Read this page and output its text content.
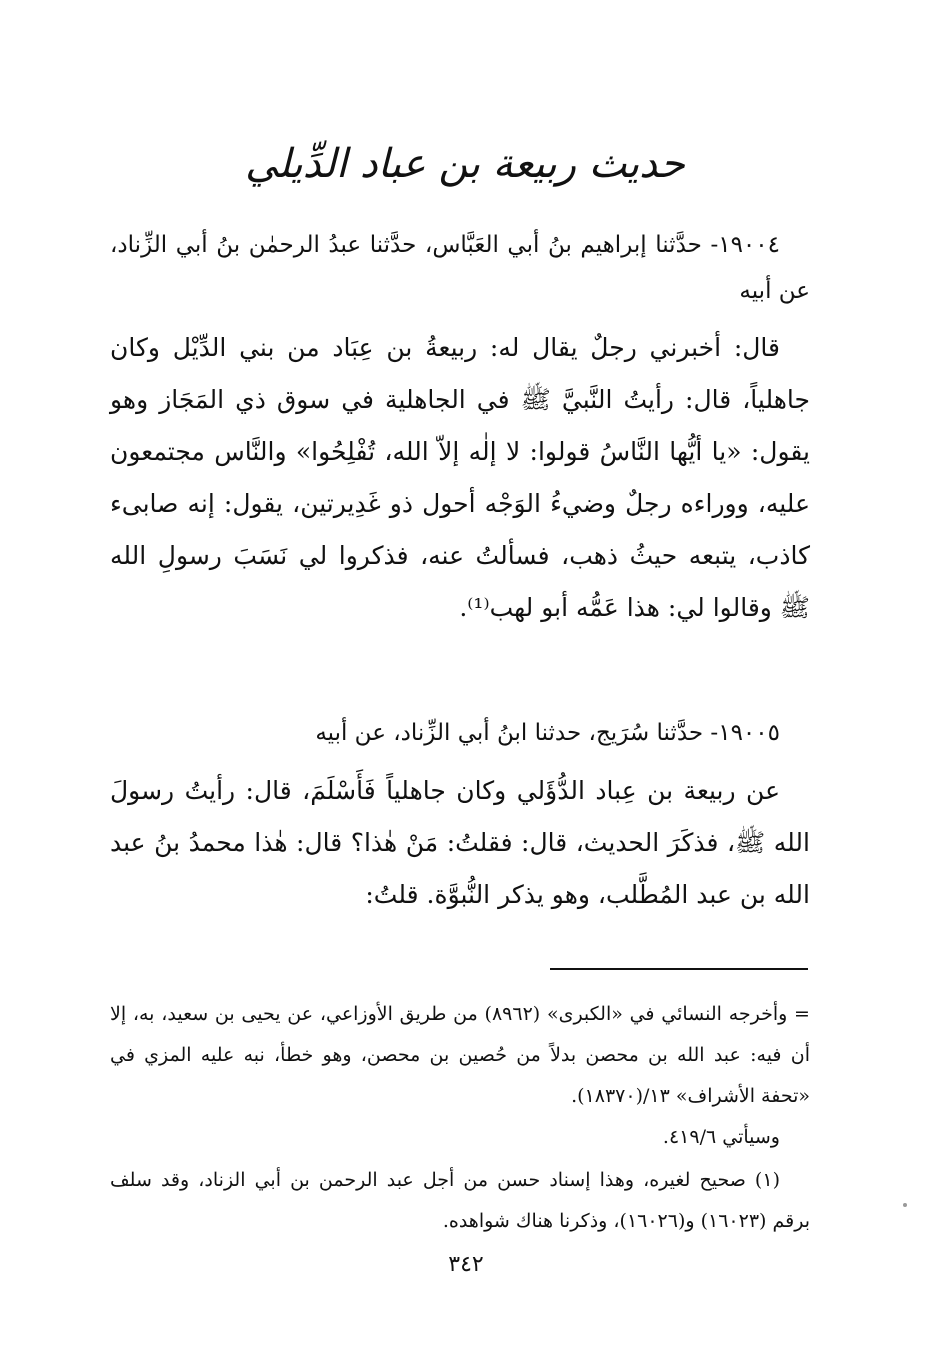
حديث ربيعة بن عباد الدِّيلي
١٩٠٠٤- حدَّثنا إبراهيم بنُ أبي العَبَّاس، حدَّثنا عبدُ الرحمٰن بنُ أبي الزِّناد، عن أبيه
قال: أخبرني رجلٌ يقال له: ربيعةُ بن عِبَاد من بني الدِّيْل وكان جاهلياً، قال: رأيتُ النَّبيَّ ﷺ في الجاهلية في سوق ذي المَجَاز وهو يقول: «يا أيُّها النَّاسُ قولوا: لا إلٰه إلاّ الله، تُفْلِحُوا» والنَّاس مجتمعون عليه، ووراءه رجلٌ وضيءُ الوَجْه أحول ذو غَدِيرتين، يقول: إنه صابىء كاذب، يتبعه حيثُ ذهب، فسألتُ عنه، فذكروا لي نَسَبَ رسولِ الله ﷺ وقالوا لي: هذا عَمُّه أبو لهب⁽¹⁾.
١٩٠٠٥- حدَّثنا سُرَيج، حدثنا ابنُ أبي الزِّناد، عن أبيه
عن ربيعة بن عِباد الدُّؤَلي وكان جاهلياً فَأَسْلَمَ، قال: رأيتُ رسولَ الله ﷺ، فذكَرَ الحديث، قال: فقلتُ: مَنْ هٰذا؟ قال: هٰذا محمدُ بنُ عبد الله بن عبد المُطَّلب، وهو يذكر النُّبوَّة. قلتُ:
= وأخرجه النسائي في «الكبرى» (٨٩٦٢) من طريق الأوزاعي، عن يحيى بن سعيد، به، إلا أن فيه: عبد الله بن محصن بدلاً من حُصين بن محصن، وهو خطأ، نبه عليه المزي في «تحفة الأشراف» ١٣/(١٨٣٧٠).
وسيأتي ٤١٩/٦.
(١) صحيح لغيره، وهذا إسناد حسن من أجل عبد الرحمن بن أبي الزناد، وقد سلف برقم (١٦٠٢٣) و(١٦٠٢٦)، وذكرنا هناك شواهده.
٣٤٢
